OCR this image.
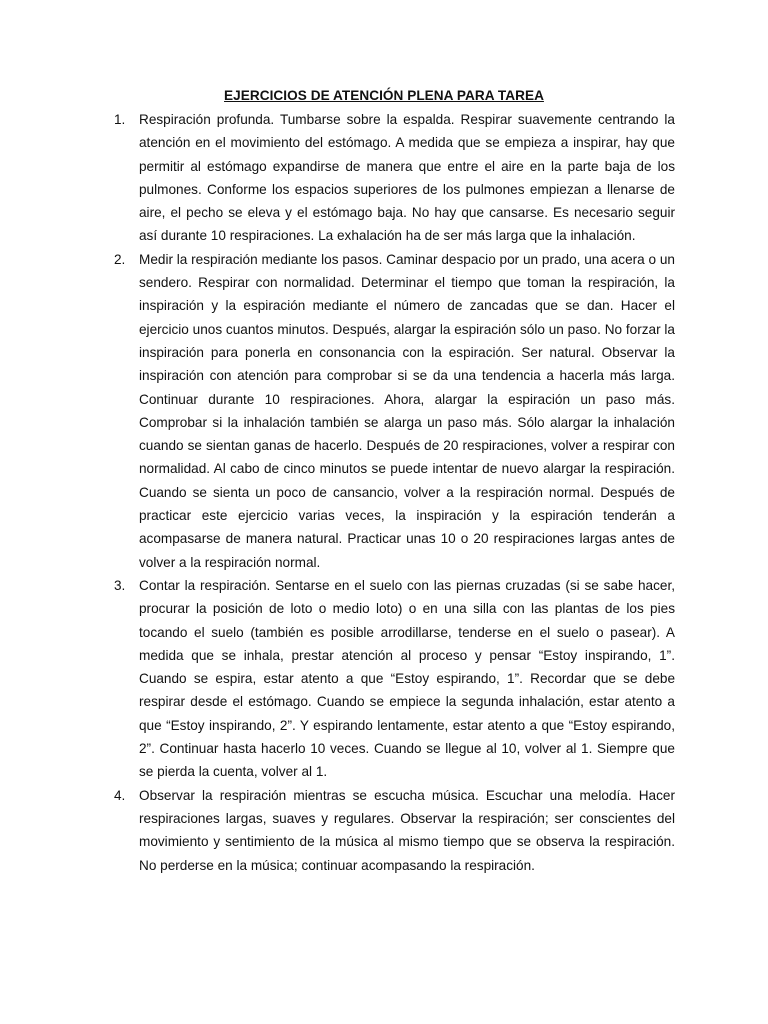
EJERCICIOS DE ATENCIÓN PLENA PARA TAREA
1. Respiración profunda. Tumbarse sobre la espalda. Respirar suavemente centrando la atención en el movimiento del estómago. A medida que se empieza a inspirar, hay que permitir al estómago expandirse de manera que entre el aire en la parte baja de los pulmones. Conforme los espacios superiores de los pulmones empiezan a llenarse de aire, el pecho se eleva y el estómago baja. No hay que cansarse. Es necesario seguir así durante 10 respiraciones. La exhalación ha de ser más larga que la inhalación.
2. Medir la respiración mediante los pasos. Caminar despacio por un prado, una acera o un sendero. Respirar con normalidad. Determinar el tiempo que toman la respiración, la inspiración y la espiración mediante el número de zancadas que se dan. Hacer el ejercicio unos cuantos minutos. Después, alargar la espiración sólo un paso. No forzar la inspiración para ponerla en consonancia con la espiración. Ser natural. Observar la inspiración con atención para comprobar si se da una tendencia a hacerla más larga. Continuar durante 10 respiraciones. Ahora, alargar la espiración un paso más. Comprobar si la inhalación también se alarga un paso más. Sólo alargar la inhalación cuando se sientan ganas de hacerlo. Después de 20 respiraciones, volver a respirar con normalidad. Al cabo de cinco minutos se puede intentar de nuevo alargar la respiración. Cuando se sienta un poco de cansancio, volver a la respiración normal. Después de practicar este ejercicio varias veces, la inspiración y la espiración tenderán a acompasarse de manera natural. Practicar unas 10 o 20 respiraciones largas antes de volver a la respiración normal.
3. Contar la respiración. Sentarse en el suelo con las piernas cruzadas (si se sabe hacer, procurar la posición de loto o medio loto) o en una silla con las plantas de los pies tocando el suelo (también es posible arrodillarse, tenderse en el suelo o pasear). A medida que se inhala, prestar atención al proceso y pensar “Estoy inspirando, 1”. Cuando se espira, estar atento a que “Estoy espirando, 1”. Recordar que se debe respirar desde el estómago. Cuando se empiece la segunda inhalación, estar atento a que “Estoy inspirando, 2”. Y espirando lentamente, estar atento a que “Estoy espirando, 2”. Continuar hasta hacerlo 10 veces. Cuando se llegue al 10, volver al 1. Siempre que se pierda la cuenta, volver al 1.
4. Observar la respiración mientras se escucha música. Escuchar una melodía. Hacer respiraciones largas, suaves y regulares. Observar la respiración; ser conscientes del movimiento y sentimiento de la música al mismo tiempo que se observa la respiración. No perderse en la música; continuar acompasando la respiración.
